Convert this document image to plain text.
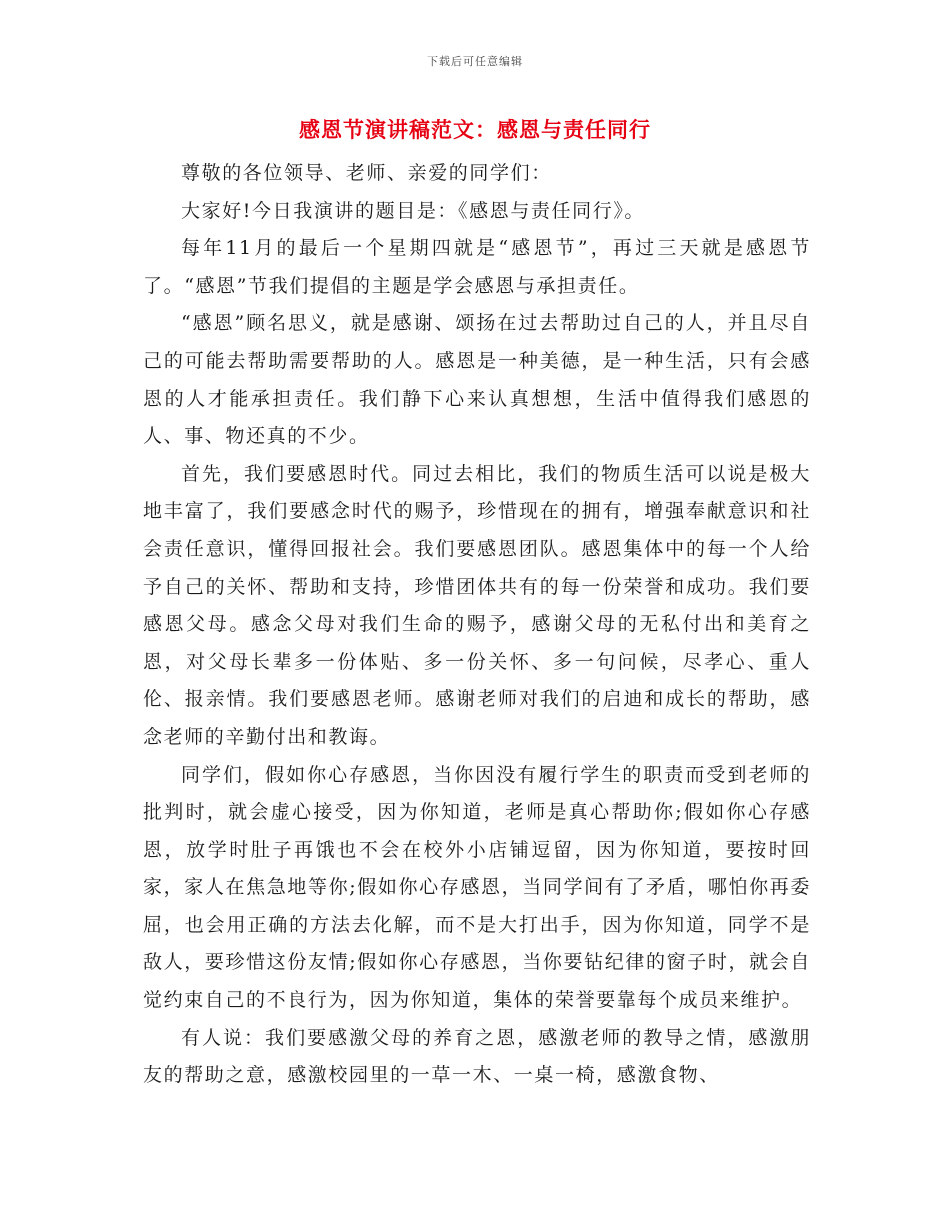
下载后可任意编辑
感恩节演讲稿范文：感恩与责任同行

尊敬的各位领导、老师、亲爱的同学们：

大家好!今日我演讲的题目是：《感恩与责任同行》。

每年11月的最后一个星期四就是“感恩节”，再过三天就是感恩节了。“感恩”节我们提倡的主题是学会感恩与承担责任。

“感恩”顾名思义，就是感谢、颂扬在过去帮助过自己的人，并且尽自己的可能去帮助需要帮助的人。感恩是一种美德，是一种生活，只有会感恩的人才能承担责任。我们静下心来认真想想，生活中值得我们感恩的人、事、物还真的不少。

首先，我们要感恩时代。同过去相比，我们的物质生活可以说是极大地丰富了，我们要感念时代的赐予，珍惜现在的拥有，增强奉献意识和社会责任意识，懂得回报社会。我们要感恩团队。感恩集体中的每一个人给予自己的关怀、帮助和支持，珍惜团体共有的每一份荣誉和成功。我们要感恩父母。感念父母对我们生命的赐予，感谢父母的无私付出和美育之恩，对父母长辈多一份体贴、多一份关怀、多一句问候，尽孝心、重人伦、报亲情。我们要感恩老师。感谢老师对我们的启迪和成长的帮助，感念老师的辛勤付出和教诲。

同学们，假如你心存感恩，当你因没有履行学生的职责而受到老师的批判时，就会虚心接受，因为你知道，老师是真心帮助你;假如你心存感恩，放学时肚子再饿也不会在校外小店铺逗留，因为你知道，要按时回家，家人在焦急地等你;假如你心存感恩，当同学间有了矛盾，哪怕你再委屈，也会用正确的方法去化解，而不是大打出手，因为你知道，同学不是敌人，要珍惜这份友情;假如你心存感恩，当你要钻纪律的窗子时，就会自觉约束自己的不良行为，因为你知道，集体的荣誉要靠每个成员来维护。

有人说：我们要感激父母的养育之恩，感激老师的教导之情，感激朋友的帮助之意，感激校园里的一草一木、一桌一椅，感激食物、
